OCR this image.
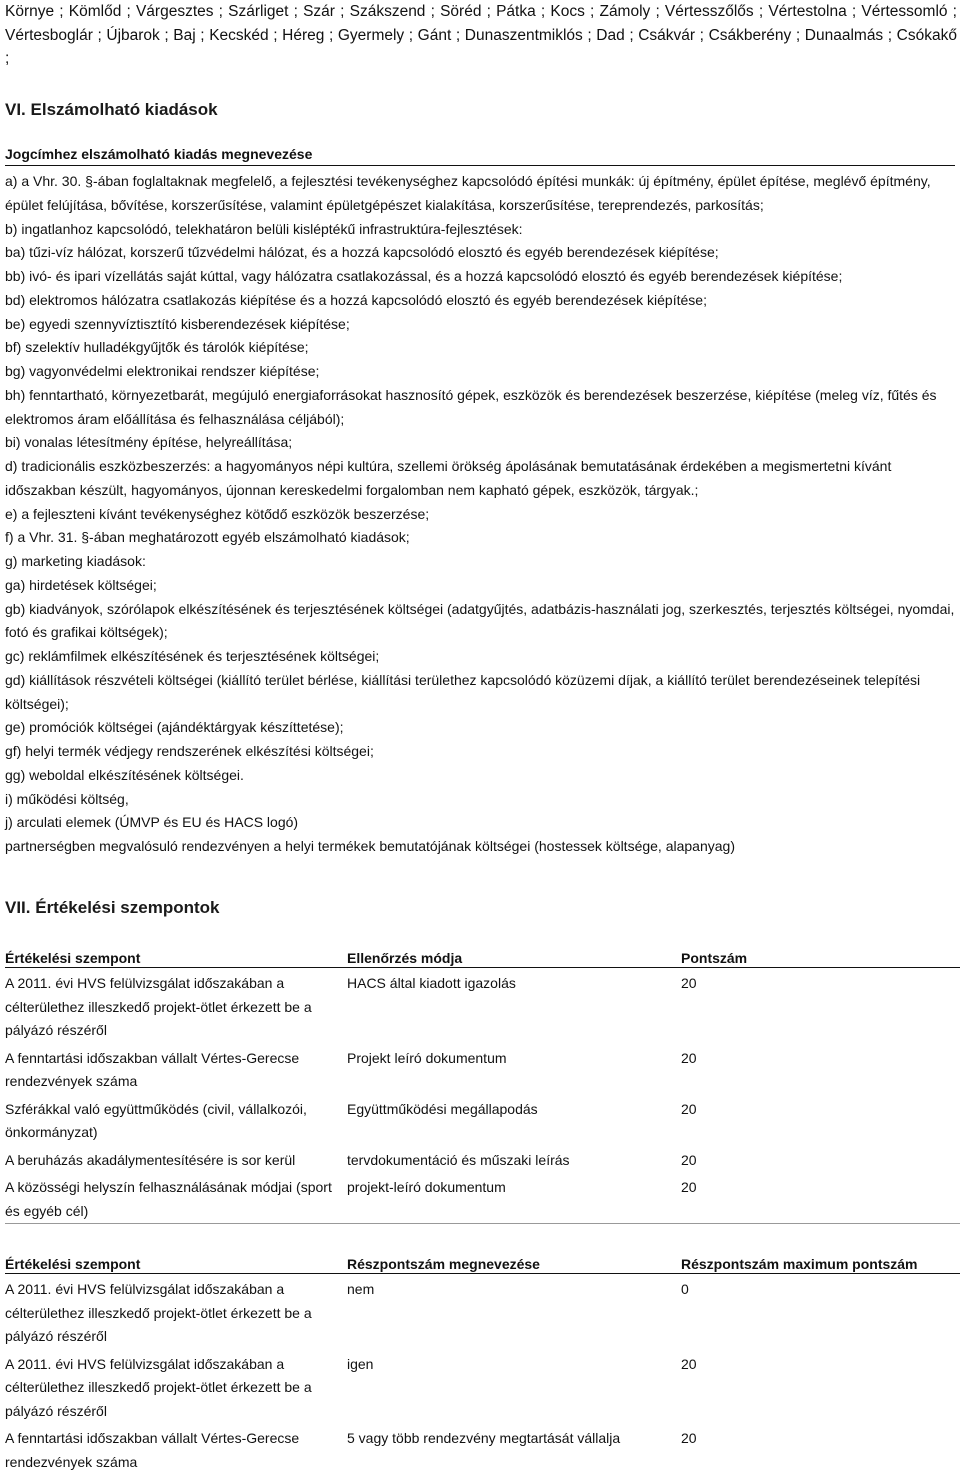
Környe ; Kömlőd ; Várgesztes ; Szárliget ; Szár ; Szákszend ; Söréd ; Pátka ; Kocs ; Zámoly ; Vértesszőlős ; Vértestolna ; Vértessomló ; Vértesboglár ; Újbarok ; Baj ; Kecskéd ; Héreg ; Gyermely ; Gánt ; Dunaszentmiklós ; Dad ; Csákvár ; Csákberény ; Dunaalmás ; Csókakő ;
VI. Elszámolható kiadások
Jogcímhez elszámolható kiadás megnevezése

a) a Vhr. 30. §-ában foglaltaknak megfelelő, a fejlesztési tevékenységhez kapcsolódó építési munkák: új építmény, épület építése, meglévő építmény, épület felújítása, bővítése, korszerűsítése, valamint épületgépészet kialakítása, korszerűsítése, tereprendezés, parkosítás;

b) ingatlanhoz kapcsolódó, telekhatáron belüli kisléptékű infrastruktúra-fejlesztések:

ba) tűzi-víz hálózat, korszerű tűzvédelmi hálózat, és a hozzá kapcsolódó elosztó és egyéb berendezések kiépítése;

bb) ivó- és ipari vízellátás saját kúttal, vagy hálózatra csatlakozással, és a hozzá kapcsolódó elosztó és egyéb berendezések kiépítése;

bd) elektromos hálózatra csatlakozás kiépítése és a hozzá kapcsolódó elosztó és egyéb berendezések kiépítése;

be) egyedi szennyvíztisztító kisberendezések kiépítése;

bf) szelektív hulladékgyűjtők és tárolók kiépítése;

bg) vagyonvédelmi elektronikai rendszer kiépítése;

bh) fenntartható, környezetbarát, megújuló energiaforrásokat hasznosító gépek, eszközök és berendezések beszerzése, kiépítése (meleg víz, fűtés és elektromos áram előállítása és felhasználása céljából);

bi) vonalas létesítmény építése, helyreállítása;

d) tradicionális eszközbeszerzés: a hagyományos népi kultúra, szellemi örökség ápolásának bemutatásának érdekében a megismertetni kívánt időszakban készült, hagyományos, újonnan kereskedelmi forgalomban nem kapható gépek, eszközök, tárgyak.;

e) a fejleszteni kívánt tevékenységhez kötődő eszközök beszerzése;

f) a Vhr. 31. §-ában meghatározott egyéb elszámolható kiadások;

g) marketing kiadások:

ga) hirdetések költségei;

gb) kiadványok, szórólapok elkészítésének és terjesztésének költségei (adatgyűjtés, adatbázis-használati jog, szerkesztés, terjesztés költségei, nyomdai, fotó és grafikai költségek);

gc) reklámfilmek elkészítésének és terjesztésének költségei;

gd) kiállítások részvételi költségei (kiállító terület bérlése, kiállítási területhez kapcsolódó közüzemi díjak, a kiállító terület berendezéseinek telepítési költségei);

ge) promóciók költségei (ajándéktárgyak készíttetése);

gf) helyi termék védjegy rendszerének elkészítési költségei;

gg) weboldal elkészítésének költségei.

i) működési költség,

j) arculati elemek (ÚMVP és EU és HACS logó)

partnerségben megvalósuló rendezvényen a helyi termékek bemutatójának költségei (hostessek költsége, alapanyag)

VII. Értékelési szempontok
Értékelési szempont	Ellenőrzés módja	Pontszám
A 2011. évi HVS felülvizsgálat időszakában a célterülethez illeszkedő projekt-ötlet érkezett be a pályázó részéről	HACS által kiadott igazolás	20
A fenntartási időszakban vállalt Vértes-Gerecse rendezvények száma	Projekt leíró dokumentum	20
Szférákkal való együttműködés (civil, vállalkozói, önkormányzat)	Együttműködési megállapodás	20
A beruházás akadálymentesítésére is sor kerül	tervdokumentáció és műszaki leírás	20
A közösségi helyszín felhasználásának módjai (sport és egyéb cél)	projekt-leíró dokumentum	20
Értékelési szempont	Részpontszám megnevezése	Részpontszám maximum pontszám
A 2011. évi HVS felülvizsgálat időszakában a célterülethez illeszkedő projekt-ötlet érkezett be a pályázó részéről	nem	0
A 2011. évi HVS felülvizsgálat időszakában a célterülethez illeszkedő projekt-ötlet érkezett be a pályázó részéről	igen	20
A fenntartási időszakban vállalt Vértes-Gerecse rendezvények száma	5 vagy több rendezvény megtartását vállalja	20
